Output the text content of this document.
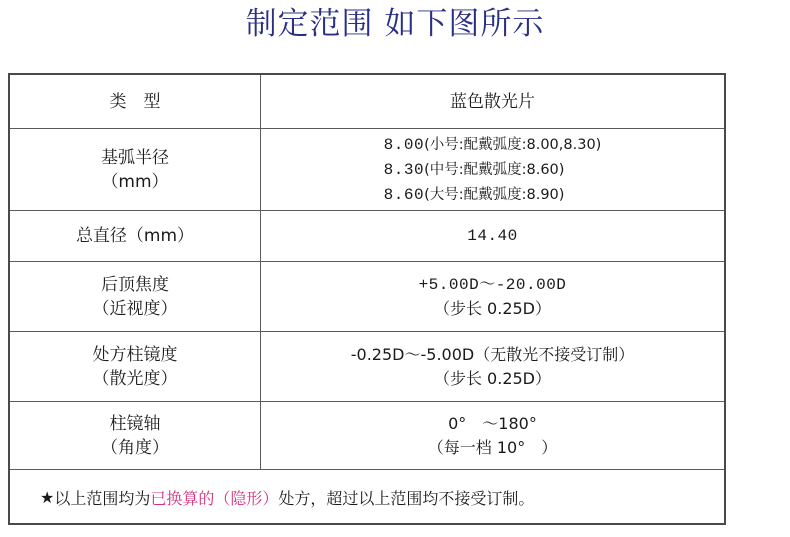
制定范围 如下图所示
类　型	蓝色散光片
基弧半径
（mm）
8.00(小号:配戴弧度:8.00,8.30)
8.30(中号:配戴弧度:8.60)
8.60(大号:配戴弧度:8.90)
总直径（mm）	14.40
后顶焦度
（近视度）
+5.00D～-20.00D
（步长 0.25D）
处方柱镜度
（散光度）
-0.25D～-5.00D（无散光不接受订制）
（步长 0.25D）
柱镜轴
（角度）
0°　～180°
（每一档 10°　）
★ 以上范围均为 已换算的（隐形） 处方，超过以上范围均不接受订制。
